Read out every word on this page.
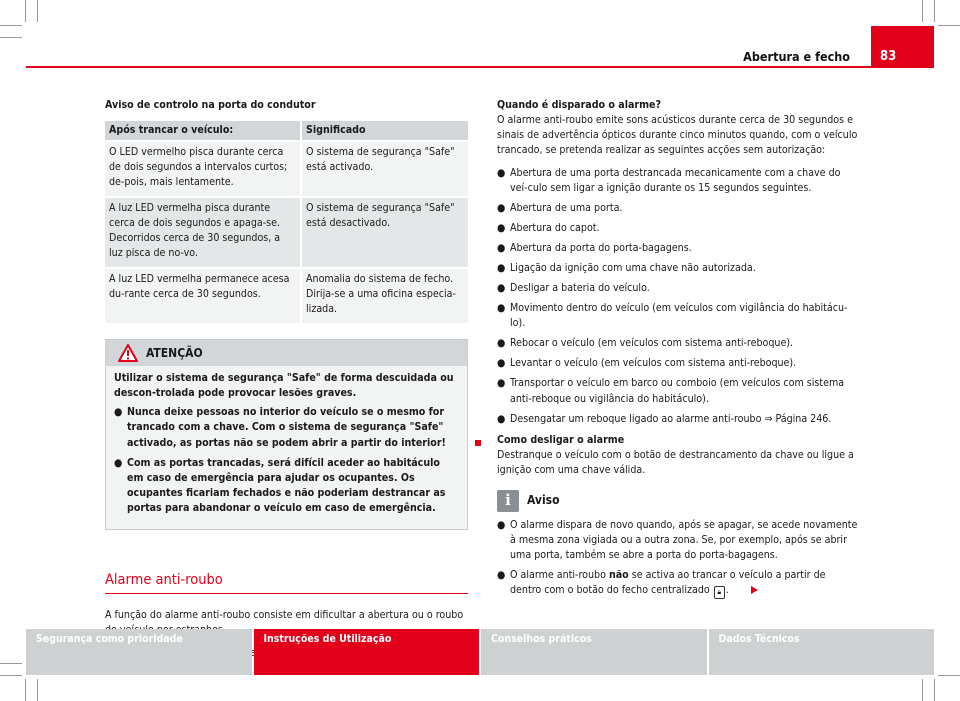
Abertura e fecho	83
Aviso de controlo na porta do condutor
Após trancar o veículo:	Significado
O LED vermelho pisca durante cerca de dois segundos a intervalos curtos; de-pois, mais lentamente.	O sistema de segurança "Safe" está activado.
A luz LED vermelha pisca durante cerca de dois segundos e apaga-se. Decorridos cerca de 30 segundos, a luz pisca de no-vo.	O sistema de segurança "Safe" está desactivado.
A luz LED vermelha permanece acesa du-rante cerca de 30 segundos.	Anomalia do sistema de fecho. Dirija-se a uma oficina especia-lizada.
ATENÇÃO

Utilizar o sistema de segurança "Safe" de forma descuidada ou descon-trolada pode provocar lesões graves.

● Nunca deixe pessoas no interior do veículo se o mesmo for trancado com a chave. Com o sistema de segurança "Safe" activado, as portas não se podem abrir a partir do interior!
● Com as portas trancadas, será difícil aceder ao habitáculo em caso de emergência para ajudar os ocupantes. Os ocupantes ficariam fechados e não poderiam destrancar as portas para abandonar o veículo em caso de emergência.
Alarme anti-roubo

A função do alarme anti-roubo consiste em dificultar a abertura ou o roubo

Quando é disparado o alarme?

O alarme anti-roubo emite sons acústicos durante cerca de 30 segundos e sinais de advertência ópticos durante cinco minutos quando, com o veículo trancado, se pretenda realizar as seguintes acções sem autorização:

● Abertura de uma porta destrancada mecanicamente com a chave do veí-culo sem ligar a ignição durante os 15 segundos seguintes.
● Abertura de uma porta.
● Abertura do capot.
● Abertura da porta do porta-bagagens.
● Ligação da ignição com uma chave não autorizada.
● Desligar a bateria do veículo.
● Movimento dentro do veículo (em veículos com vigilância do habitácu-lo).
● Rebocar o veículo (em veículos com sistema anti-reboque).
● Levantar o veículo (em veículos com sistema anti-reboque).
● Transportar o veículo em barco ou comboio (em veículos com sistema anti-reboque ou vigilância do habitáculo).
● Desengatar um reboque ligado ao alarme anti-roubo ⇒ Página 246.
Como desligar o alarme

Destranque o veículo com o botão de destrancamento da chave ou ligue a ignição com uma chave válida.

i	Aviso
● O alarme dispara de novo quando, após se apagar, se acede novamente à mesma zona vigiada ou a outra zona. Se, por exemplo, após se abrir uma porta, também se abre a porta do porta-bagagens.
● O alarme anti-roubo não se activa ao trancar o veículo a partir de dentro com o botão do fecho centralizado 🔒︎ .
Segurança como prioridade	Instruções de Utilização	Conselhos práticos	Dados Técnicos
